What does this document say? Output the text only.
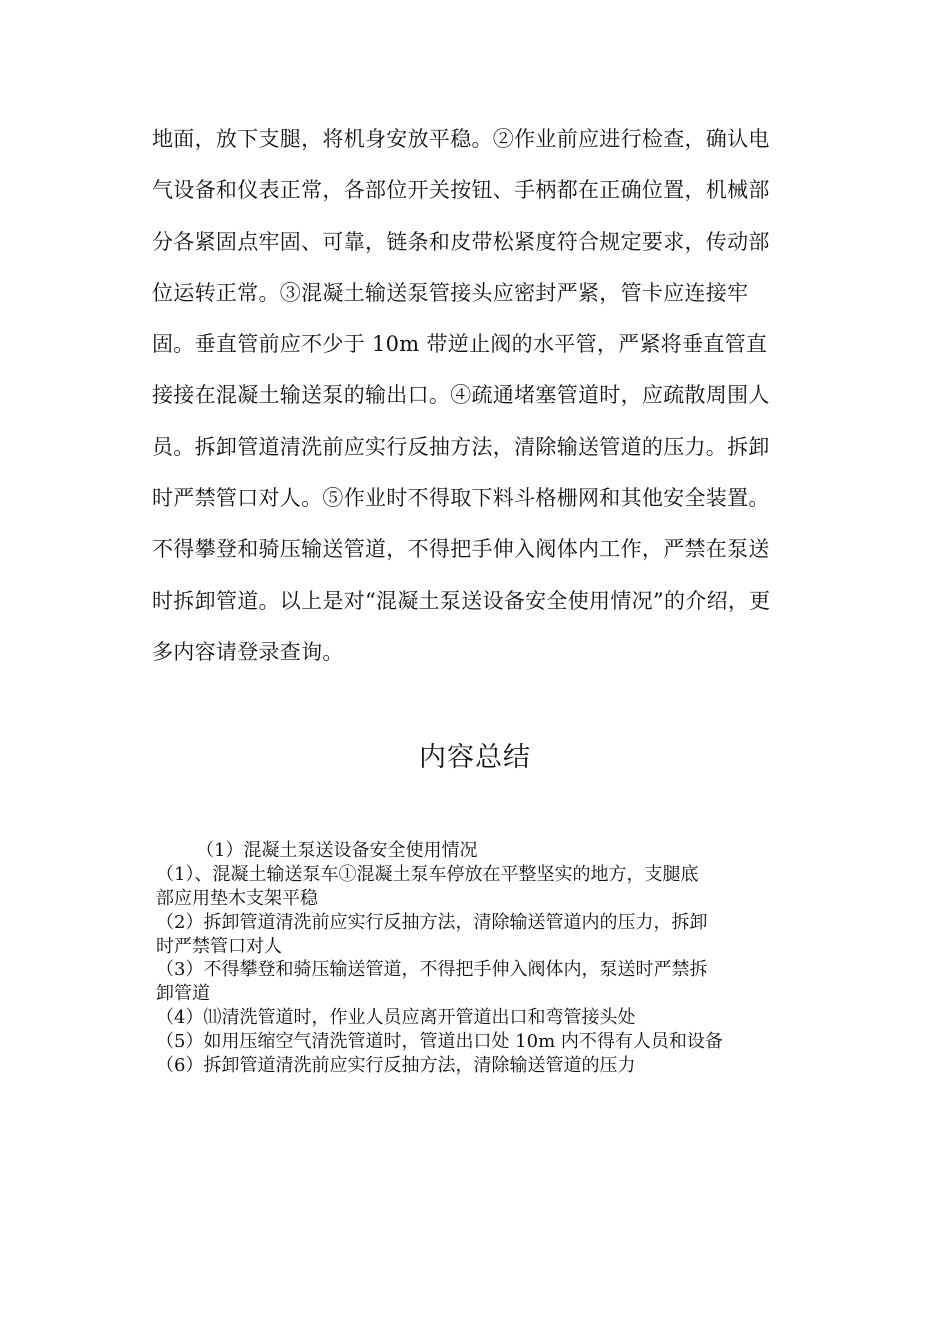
地面，放下支腿，将机身安放平稳。②作业前应进行检查，确认电
气设备和仪表正常，各部位开关按钮、手柄都在正确位置，机械部
分各紧固点牢固、可靠，链条和皮带松紧度符合规定要求，传动部
位运转正常。③混凝土输送泵管接头应密封严紧，管卡应连接牢
固。垂直管前应不少于 10m 带逆止阀的水平管，严紧将垂直管直
接接在混凝土输送泵的输出口。④疏通堵塞管道时，应疏散周围人
员。拆卸管道清洗前应实行反抽方法，清除输送管道的压力。拆卸
时严禁管口对人。⑤作业时不得取下料斗格栅网和其他安全装置。
不得攀登和骑压输送管道，不得把手伸入阀体内工作，严禁在泵送
时拆卸管道。以上是对“混凝土泵送设备安全使用情况”的介绍，更
多内容请登录查询。
内容总结
（1）混凝土泵送设备安全使用情况
（1）、混凝土输送泵车①混凝土泵车停放在平整坚实的地方，支腿底
部应用垫木支架平稳
（2）拆卸管道清洗前应实行反抽方法，清除输送管道内的压力，拆卸
时严禁管口对人
（3）不得攀登和骑压输送管道，不得把手伸入阀体内，泵送时严禁拆
卸管道
（4）⑾清洗管道时，作业人员应离开管道出口和弯管接头处
（5）如用压缩空气清洗管道时，管道出口处 10m 内不得有人员和设备
（6）拆卸管道清洗前应实行反抽方法，清除输送管道的压力
